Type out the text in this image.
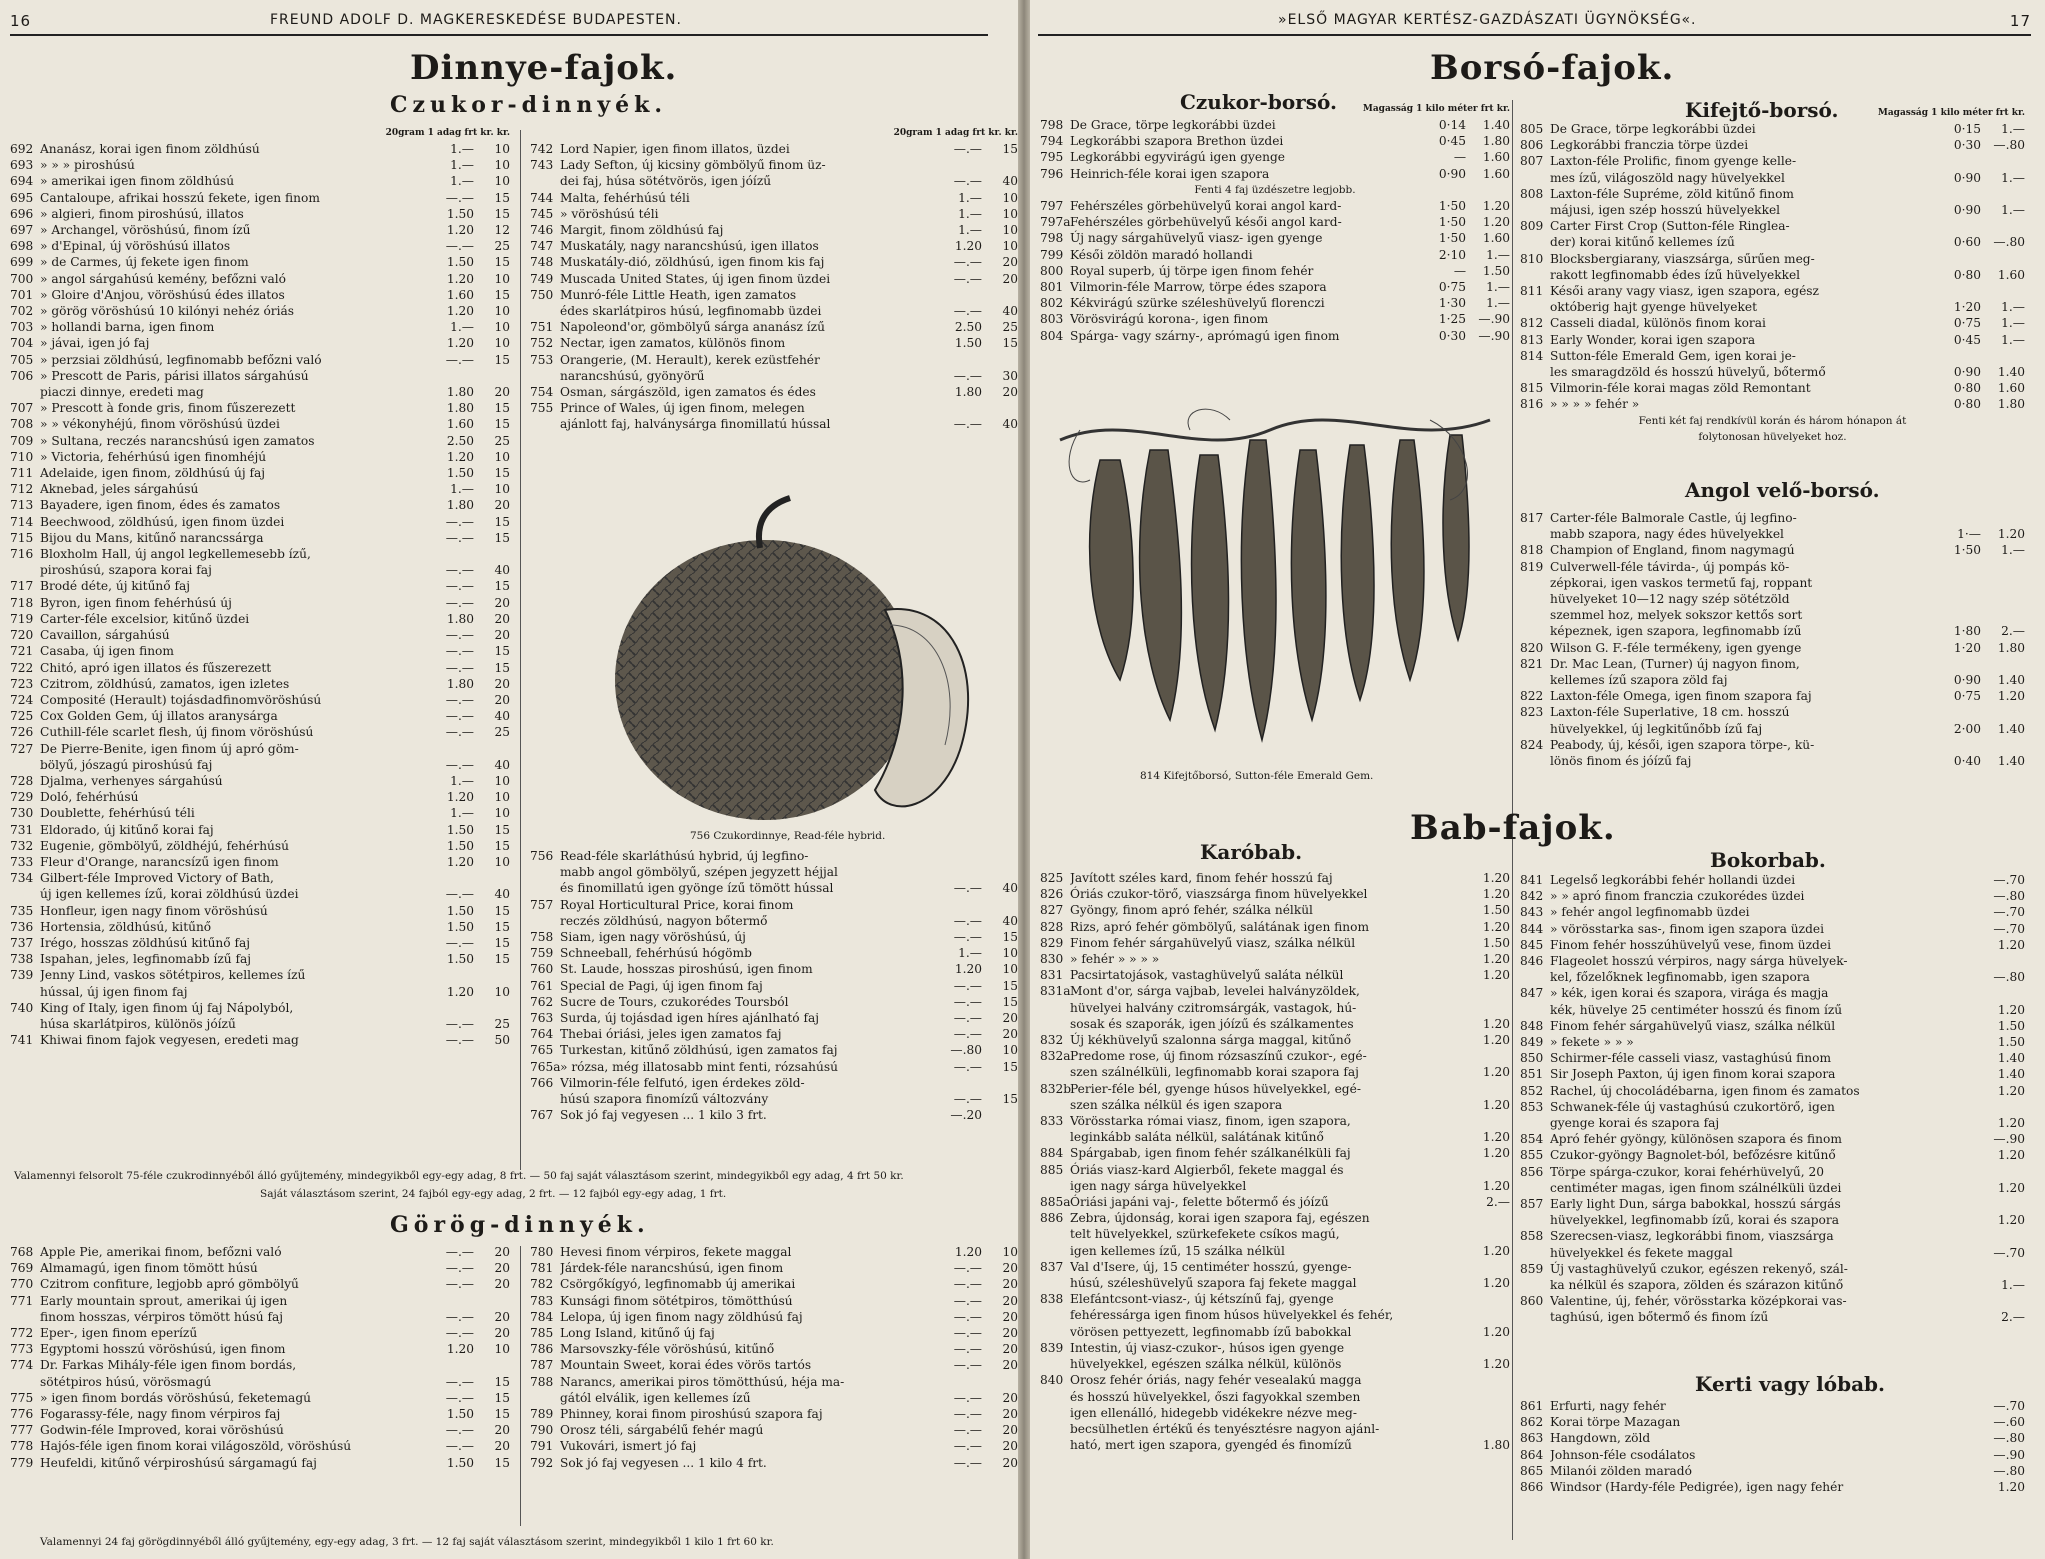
16	FREUND ADOLF D. MAGKERESKEDÉSE BUDAPESTEN.
Dinnye-fajok.
Czukor-dinnyék.
20gram 1 adag frt kr. kr.
692 Ananász, korai igen finom zöldhúsú	1.—	10
693 » » » piroshúsú	1.—	10
694 » amerikai igen finom zöldhúsú	1.—	10
695 Cantaloupe, afrikai hosszú fekete, igen finom	—.—	15
696 » algieri, finom piroshúsú, illatos	1.50	15
697 » Archangel, vöröshúsú, finom ízű	1.20	12
698 » d'Epinal, új vöröshúsú illatos	—.—	25
699 » de Carmes, új fekete igen finom	1.50	15
700 » angol sárgahúsú kemény, befőzni való	1.20	10
701 » Gloire d'Anjou, vöröshúsú édes illatos	1.60	15
702 » görög vöröshúsú 10 kilónyi nehéz óriás	1.20	10
703 » hollandi barna, igen finom	1.—	10
704 » jávai, igen jó faj	1.20	10
705 » perzsiai zöldhúsú, legfinomabb befőzni való	—.—	15
706 » Prescott de Paris, párisi illatos sárgahúsú
piaczi dinnye, eredeti mag	1.80	20
707 » Prescott à fonde gris, finom fűszerezett	1.80	15
708 » » vékonyhéjú, finom vöröshúsú üzdei	1.60	15
709 » Sultana, reczés narancshúsú igen zamatos	2.50	25
710 » Victoria, fehérhúsú igen finomhéjú	1.20	10
711 Adelaide, igen finom, zöldhúsú új faj	1.50	15
712 Aknebad, jeles sárgahúsú	1.—	10
713 Bayadere, igen finom, édes és zamatos	1.80	20
714 Beechwood, zöldhúsú, igen finom üzdei	—.—	15
715 Bijou du Mans, kitűnő narancssárga	—.—	15
716 Bloxholm Hall, új angol legkellemesebb ízű,
piroshúsú, szapora korai faj	—.—	40
717 Brodé déte, új kitűnő faj	—.—	15
718 Byron, igen finom fehérhúsú új	—.—	20
719 Carter-féle excelsior, kitűnő üzdei	1.80	20
720 Cavaillon, sárgahúsú	—.—	20
721 Casaba, új igen finom	—.—	15
722 Chitó, apró igen illatos és fűszerezett	—.—	15
723 Czitrom, zöldhúsú, zamatos, igen izletes	1.80	20
724 Composité (Herault) tojásdadfinomvöröshúsú	—.—	20
725 Cox Golden Gem, új illatos aranysárga	—.—	40
726 Cuthill-féle scarlet flesh, új finom vöröshúsú	—.—	25
727 De Pierre-Benite, igen finom új apró göm-
bölyű, jószagú piroshúsú faj	—.—	40
728 Djalma, verhenyes sárgahúsú	1.—	10
729 Doló, fehérhúsú	1.20	10
730 Doublette, fehérhúsú téli	1.—	10
731 Eldorado, új kitűnő korai faj	1.50	15
732 Eugenie, gömbölyű, zöldhéjú, fehérhúsú	1.50	15
733 Fleur d'Orange, narancsízű igen finom	1.20	10
734 Gilbert-féle Improved Victory of Bath,
új igen kellemes ízű, korai zöldhúsú üzdei	—.—	40
735 Honfleur, igen nagy finom vöröshúsú	1.50	15
736 Hortensia, zöldhúsú, kitűnő	1.50	15
737 Irégo, hosszas zöldhúsú kitűnő faj	—.—	15
738 Ispahan, jeles, legfinomabb ízű faj	1.50	15
739 Jenny Lind, vaskos sötétpiros, kellemes ízű
hússal, új igen finom faj	1.20	10
740 King of Italy, igen finom új faj Nápolyból,
húsa skarlátpiros, különös jóízű	—.—	25
741 Khiwai finom fajok vegyesen, eredeti mag	—.—	50
20gram 1 adag frt kr. kr.
742 Lord Napier, igen finom illatos, üzdei	—.—	15
743 Lady Sefton, új kicsiny gömbölyű finom üz-
dei faj, húsa sötétvörös, igen jóízű	—.—	40
744 Malta, fehérhúsú téli	1.—	10
745 » vöröshúsú téli	1.—	10
746 Margit, finom zöldhúsú faj	1.—	10
747 Muskatály, nagy narancshúsú, igen illatos	1.20	10
748 Muskatály-dió, zöldhúsú, igen finom kis faj	—.—	20
749 Muscada United States, új igen finom üzdei	—.—	20
750 Munró-féle Little Heath, igen zamatos
édes skarlátpiros húsú, legfinomabb üzdei	—.—	40
751 Napoleond'or, gömbölyű sárga ananász ízű	2.50	25
752 Nectar, igen zamatos, különös finom	1.50	15
753 Orangerie, (M. Herault), kerek ezüstfehér
narancshúsú, gyönyörű	—.—	30
754 Osman, sárgászöld, igen zamatos és édes	1.80	20
755 Prince of Wales, új igen finom, melegen
ajánlott faj, halványsárga finomillatú hússal	—.—	40
756 Czukordinnye, Read-féle hybrid.
756 Read-féle skarláthúsú hybrid, új legfino-
mabb angol gömbölyű, szépen jegyzett héjjal
és finomillatú igen gyönge ízű tömött hússal	—.—	40
757 Royal Horticultural Price, korai finom
reczés zöldhúsú, nagyon bőtermő	—.—	40
758 Siam, igen nagy vöröshúsú, új	—.—	15
759 Schneeball, fehérhúsú hógömb	1.—	10
760 St. Laude, hosszas piroshúsú, igen finom	1.20	10
761 Special de Pagi, új igen finom faj	—.—	15
762 Sucre de Tours, czukorédes Toursból	—.—	15
763 Surda, új tojásdad igen híres ajánlható faj	—.—	20
764 Thebai óriási, jeles igen zamatos faj	—.—	20
765 Turkestan, kitűnő zöldhúsú, igen zamatos faj	—.80	10
765a » rózsa, még illatosabb mint fenti, rózsahúsú	—.—	15
766 Vilmorin-féle felfutó, igen érdekes zöld-
húsú szapora finomízű változvány	—.—	15
767 Sok jó faj vegyesen ... 1 kilo 3 frt.	—.20
Valamennyi felsorolt 75-féle czukrodinnyéből álló gyűjtemény, mindegyikből egy-egy adag, 8 frt. — 50 faj saját választásom szerint, mindegyikből egy adag, 4 frt 50 kr.
Saját választásom szerint, 24 fajból egy-egy adag, 2 frt. — 12 fajból egy-egy adag, 1 frt.
Görög-dinnyék.
768 Apple Pie, amerikai finom, befőzni való	—.—	20
769 Almamagú, igen finom tömött húsú	—.—	20
770 Czitrom confiture, legjobb apró gömbölyű	—.—	20
771 Early mountain sprout, amerikai új igen
finom hosszas, vérpiros tömött húsú faj	—.—	20
772 Eper-, igen finom eperízű	—.—	20
773 Egyptomi hosszú vöröshúsú, igen finom	1.20	10
774 Dr. Farkas Mihály-féle igen finom bordás,
sötétpiros húsú, vörösmagú	—.—	15
775 » igen finom bordás vöröshúsú, feketemagú	—.—	15
776 Fogarassy-féle, nagy finom vérpiros faj	1.50	15
777 Godwin-féle Improved, korai vöröshúsú	—.—	20
778 Hajós-féle igen finom korai világoszöld, vöröshúsú	—.—	20
779 Heufeldi, kitűnő vérpiroshúsú sárgamagú faj	1.50	15
780 Hevesi finom vérpiros, fekete maggal	1.20	10
781 Járdek-féle narancshúsú, igen finom	—.—	20
782 Csörgőkígyó, legfinomabb új amerikai	—.—	20
783 Kunsági finom sötétpiros, tömötthúsú	—.—	20
784 Lelopa, új igen finom nagy zöldhúsú faj	—.—	20
785 Long Island, kitűnő új faj	—.—	20
786 Marsovszky-féle vöröshúsú, kitűnő	—.—	20
787 Mountain Sweet, korai édes vörös tartós	—.—	20
788 Narancs, amerikai piros tömötthúsú, héja ma-
gától elválik, igen kellemes ízű	—.—	20
789 Phinney, korai finom piroshúsú szapora faj	—.—	20
790 Orosz téli, sárgabélű fehér magú	—.—	20
791 Vukovári, ismert jó faj	—.—	20
792 Sok jó faj vegyesen ... 1 kilo 4 frt.	—.—	20
Valamennyi 24 faj görögdinnyéből álló gyűjtemény, egy-egy adag, 3 frt. — 12 faj saját választásom szerint, mindegyikből 1 kilo 1 frt 60 kr.
»ELSŐ MAGYAR KERTÉSZ-GAZDÁSZATI ÜGYNÖKSÉG«.	17
Borsó-fajok.
Czukor-borsó.	Magasság 1 kilo méter frt kr.
798 De Grace, törpe legkorábbi üzdei	0·14	1.40
794 Legkorábbi szapora Brethon üzdei	0·45	1.80
795 Legkorábbi egyvirágú igen gyenge	—	1.60
796 Heinrich-féle korai igen szapora	0·90	1.60
Fenti 4 faj üzdészetre legjobb.
797 Fehérszéles görbehüvelyű korai angol kard-	1·50	1.20
797a Fehérszéles görbehüvelyű késői angol kard-	1·50	1.20
798 Új nagy sárgahüvelyű viasz- igen gyenge	1·50	1.60
799 Késői zöldön maradó hollandi	2·10	1.—
800 Royal superb, új törpe igen finom fehér	—	1.50
801 Vilmorin-féle Marrow, törpe édes szapora	0·75	1.—
802 Kékvirágú szürke széleshüvelyű florenczi	1·30	1.—
803 Vörösvirágú korona-, igen finom	1·25	—.90
804 Spárga- vagy szárny-, aprómagú igen finom	0·30	—.90
Kifejtő-borsó.	Magasság 1 kilo méter frt kr.
805 De Grace, törpe legkorábbi üzdei	0·15	1.—
806 Legkorábbi franczia törpe üzdei	0·30	—.80
807 Laxton-féle Prolific, finom gyenge kelle-
mes ízű, világoszöld nagy hüvelyekkel	0·90	1.—
808 Laxton-féle Supréme, zöld kitűnő finom
májusi, igen szép hosszú hüvelyekkel	0·90	1.—
809 Carter First Crop (Sutton-féle Ringlea-
der) korai kitűnő kellemes ízű	0·60	—.80
810 Blocksbergiarany, viaszsárga, sűrűen meg-
rakott legfinomabb édes ízű hüvelyekkel	0·80	1.60
811 Késői arany vagy viasz, igen szapora, egész
októberig hajt gyenge hüvelyeket	1·20	1.—
812 Casseli diadal, különös finom korai	0·75	1.—
813 Early Wonder, korai igen szapora	0·45	1.—
814 Sutton-féle Emerald Gem, igen korai je-
les smaragdzöld és hosszú hüvelyű, bőtermő	0·90	1.40
815 Vilmorin-féle korai magas zöld Remontant	0·80	1.60
816 » » » » fehér »	0·80	1.80
Fenti két faj rendkívül korán és három hónapon át
folytonosan hüvelyeket hoz.
814 Kifejtőborsó, Sutton-féle Emerald Gem.
Angol velő-borsó.
817 Carter-féle Balmorale Castle, új legfino-
mabb szapora, nagy édes hüvelyekkel	1·—	1.20
818 Champion of England, finom nagymagú	1·50	1.—
819 Culverwell-féle távirda-, új pompás kö-
zépkorai, igen vaskos termetű faj, roppant
hüvelyeket 10—12 nagy szép sötétzöld
szemmel hoz, melyek sokszor kettős sort
képeznek, igen szapora, legfinomabb ízű	1·80	2.—
820 Wilson G. F.-féle termékeny, igen gyenge	1·20	1.80
821 Dr. Mac Lean, (Turner) új nagyon finom,
kellemes ízű szapora zöld faj	0·90	1.40
822 Laxton-féle Omega, igen finom szapora faj	0·75	1.20
823 Laxton-féle Superlative, 18 cm. hosszú
hüvelyekkel, új legkitűnőbb ízű faj	2·00	1.40
824 Peabody, új, késői, igen szapora törpe-, kü-
lönös finom és jóízű faj	0·40	1.40
Bab-fajok.
Karóbab.	Bokorbab.
825 Javított széles kard, finom fehér hosszú faj	1.20
826 Óriás czukor-törő, viaszsárga finom hüvelyekkel	1.20
827 Gyöngy, finom apró fehér, szálka nélkül	1.50
828 Rizs, apró fehér gömbölyű, salátának igen finom	1.20
829 Finom fehér sárgahüvelyű viasz, szálka nélkül	1.50
830 » fehér » » » »	1.20
831 Pacsirtatojások, vastaghüvelyű saláta nélkül	1.20
831a Mont d'or, sárga vajbab, levelei halványzöldek,
hüvelyei halvány czitromsárgák, vastagok, hú-
sosak és szaporák, igen jóízű és szálkamentes	1.20
832 Új kékhüvelyű szalonna sárga maggal, kitűnő	1.20
832a Predome rose, új finom rózsaszínű czukor-, egé-
szen szálnélküli, legfinomabb korai szapora faj	1.20
832b
Perier-féle bél, gyenge húsos hüvelyekkel, egé-
szen szálka nélkül és igen szapora	1.20
833 Vörösstarka római viasz, finom, igen szapora,
leginkább saláta nélkül, salátának kitűnő	1.20
884 Spárgabab, igen finom fehér szálkanélküli faj	1.20
885 Óriás viasz-kard Algierből, fekete maggal és
igen nagy sárga hüvelyekkel	1.20
885a Óriási japáni vaj-, felette bőtermő és jóízű	2.—
886 Zebra, újdonság, korai igen szapora faj, egészen
telt hüvelyekkel, szürkefekete csíkos magú,
igen kellemes ízű, 15 szálka nélkül	1.20
837 Val d'Isere, új, 15 centiméter hosszú, gyenge-
húsú, széleshüvelyű szapora faj fekete maggal	1.20
838 Elefántcsont-viasz-, új kétszínű faj, gyenge
fehéressárga igen finom húsos hüvelyekkel és fehér,
vörösen pettyezett, legfinomabb ízű babokkal	1.20
839 Intestin, új viasz-czukor-, húsos igen gyenge
hüvelyekkel, egészen szálka nélkül, különös	1.20
840 Orosz fehér óriás, nagy fehér vesealakú magga
és hosszú hüvelyekkel, őszi fagyokkal szemben
igen ellenálló, hidegebb vidékekre nézve meg-
becsülhetlen értékű és tenyésztésre nagyon ajánl-
ható, mert igen szapora, gyengéd és finomízű	1.80
841 Legelső legkorábbi fehér hollandi üzdei	—.70
842 » » apró finom franczia czukorédes üzdei	—.80
843 » fehér angol legfinomabb üzdei	—.70
844 » vörösstarka sas-, finom igen szapora üzdei	—.70
845 Finom fehér hosszúhüvelyű vese, finom üzdei	1.20
846 Flageolet hosszú vérpiros, nagy sárga hüvelyek-
kel, főzelőknek legfinomabb, igen szapora	—.80
847 » kék, igen korai és szapora, virága és magja
kék, hüvelye 25 centiméter hosszú és finom ízű	1.20
848 Finom fehér sárgahüvelyű viasz, szálka nélkül	1.50
849 » fekete » » »	1.50
850 Schirmer-féle casseli viasz, vastaghúsú finom	1.40
851 Sir Joseph Paxton, új igen finom korai szapora	1.40
852 Rachel, új chocoládébarna, igen finom és zamatos	1.20
853 Schwanek-féle új vastaghúsú czukortörő, igen
gyenge korai és szapora faj	1.20
854 Apró fehér gyöngy, különösen szapora és finom	—.90
855 Czukor-gyöngy Bagnolet-ból, befőzésre kitűnő	1.20
856 Törpe spárga-czukor, korai fehérhüvelyű, 20
centiméter magas, igen finom szálnélküli üzdei	1.20
857 Early light Dun, sárga babokkal, hosszú sárgás
hüvelyekkel, legfinomabb ízű, korai és szapora	1.20
858 Szerecsen-viasz, legkorábbi finom, viaszsárga
hüvelyekkel és fekete maggal	—.70
859 Új vastaghüvelyű czukor, egészen rekenyő, szál-
ka nélkül és szapora, zölden és szárazon kitűnő	1.—
860 Valentine, új, fehér, vörösstarka középkorai vas-
taghúsú, igen bőtermő és finom ízű	2.—
Kerti vagy lóbab.
861 Erfurti, nagy fehér	—.70
862 Korai törpe Mazagan	—.60
863 Hangdown, zöld	—.80
864 Johnson-féle csodálatos	—.90
865 Milanói zölden maradó	—.80
866 Windsor (Hardy-féle Pedigrée), igen nagy fehér	1.20
